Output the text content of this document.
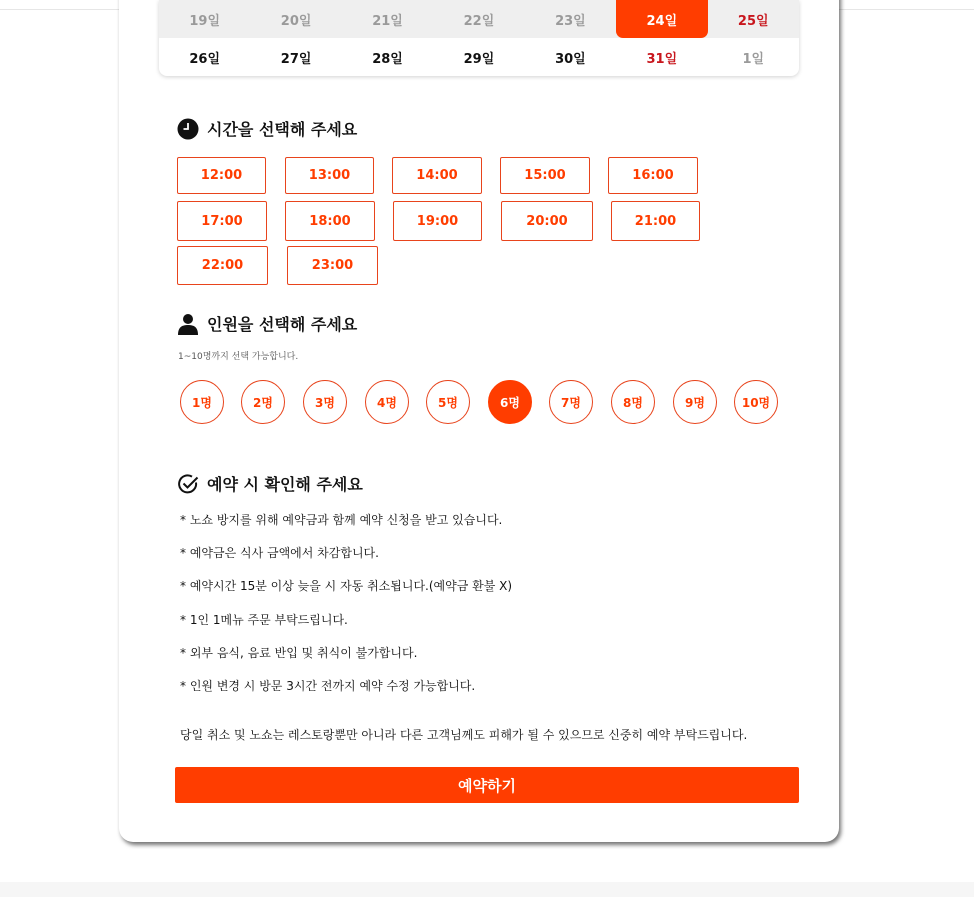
19일	20일	21일	22일	23일	24일	25일
26일	27일	28일	29일	30일	31일	1일
시간을 선택해 주세요
12:00	13:00	14:00	15:00	16:00
17:00	18:00	19:00	20:00	21:00
22:00	23:00
인원을 선택해 주세요
1~10명까지 선택 가능합니다.
1명	2명	3명	4명	5명	6명	7명	8명	9명	10명
예약 시 확인해 주세요
* 노쇼 방지를 위해 예약금과 함께 예약 신청을 받고 있습니다.
* 예약금은 식사 금액에서 차감합니다.
* 예약시간 15분 이상 늦을 시 자동 취소됩니다.(예약금 환불 X)
* 1인 1메뉴 주문 부탁드립니다.
* 외부 음식, 음료 반입 및 취식이 불가합니다.
* 인원 변경 시 방문 3시간 전까지 예약 수정 가능합니다.
당일 취소 및 노쇼는 레스토랑뿐만 아니라 다른 고객님께도 피해가 될 수 있으므로 신중히 예약 부탁드립니다.
예약하기
